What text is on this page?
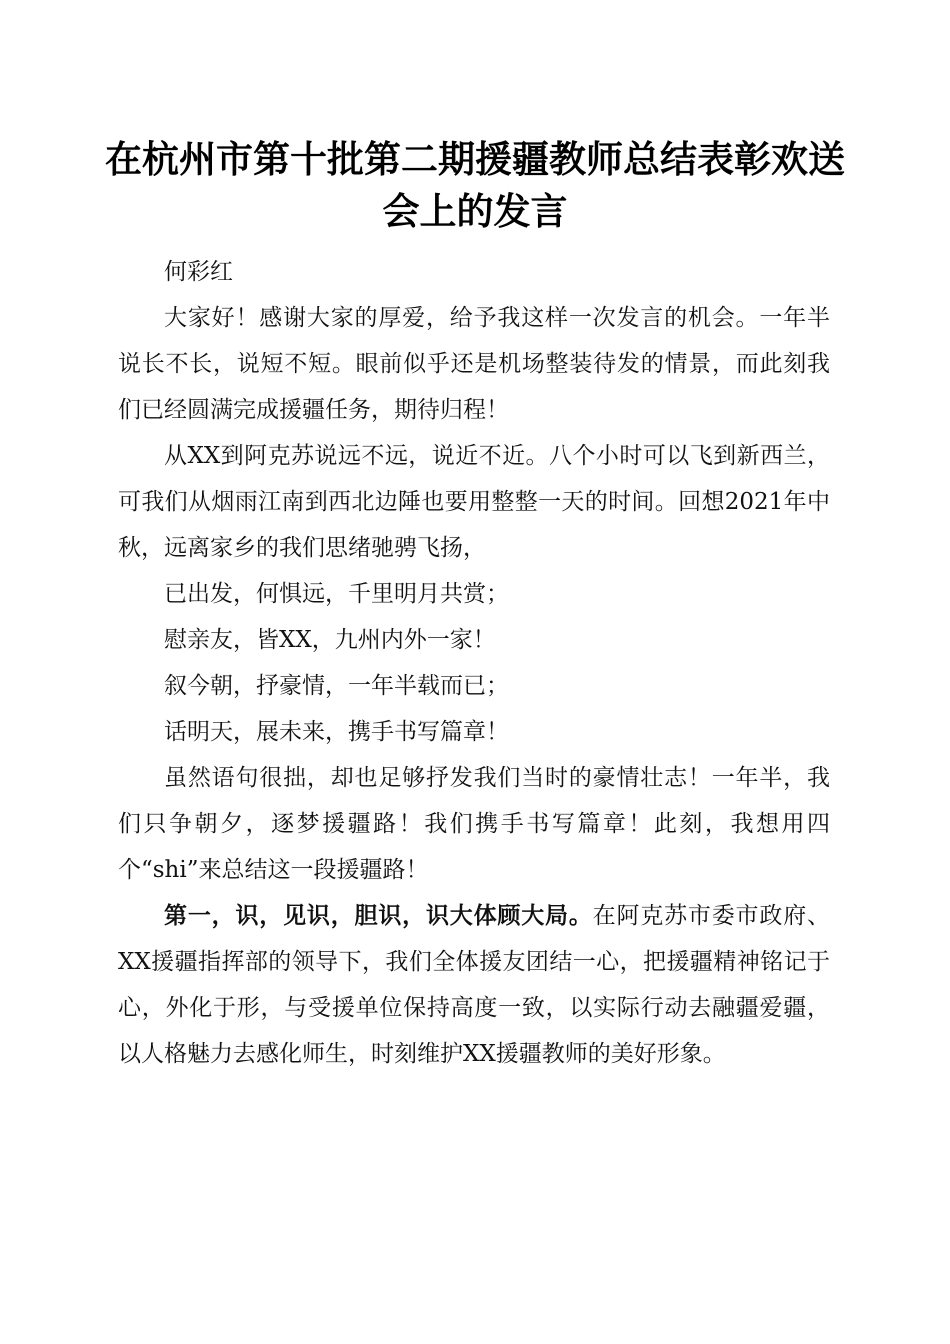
在杭州市第十批第二期援疆教师总结表彰欢送
会上的发言

何彩红

大家好！感谢大家的厚爱，给予我这样一次发言的机会。一年半说长不长，说短不短。眼前似乎还是机场整装待发的情景，而此刻我们已经圆满完成援疆任务，期待归程！

从XX到阿克苏说远不远，说近不近。八个小时可以飞到新西兰，可我们从烟雨江南到西北边陲也要用整整一天的时间。回想2021年中秋，远离家乡的我们思绪驰骋飞扬，

已出发，何惧远，千里明月共赏；

慰亲友，皆XX，九州内外一家！

叙今朝，抒豪情，一年半载而已；

话明天，展未来，携手书写篇章！

虽然语句很拙，却也足够抒发我们当时的豪情壮志！一年半，我们只争朝夕，逐梦援疆路！我们携手书写篇章！此刻，我想用四个“shi”来总结这一段援疆路！

第一，识，见识，胆识，识大体顾大局。在阿克苏市委市政府、XX援疆指挥部的领导下，我们全体援友团结一心，把援疆精神铭记于心，外化于形，与受援单位保持高度一致，以实际行动去融疆爱疆，以人格魅力去感化师生，时刻维护XX援疆教师的美好形象。
